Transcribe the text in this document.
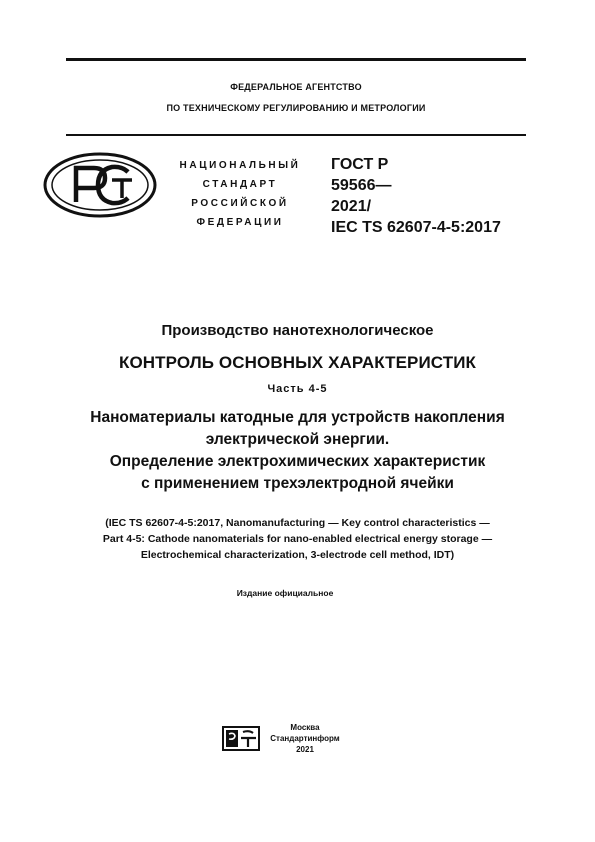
ФЕДЕРАЛЬНОЕ АГЕНТСТВО
ПО ТЕХНИЧЕСКОМУ РЕГУЛИРОВАНИЮ И МЕТРОЛОГИИ
НАЦИОНАЛЬНЫЙ
СТАНДАРТ
РОССИЙСКОЙ
ФЕДЕРАЦИИ
ГОСТ Р
59566—
2021/
IEC TS 62607-4-5:2017
Производство нанотехнологическое
КОНТРОЛЬ ОСНОВНЫХ ХАРАКТЕРИСТИК
Часть 4-5
Наноматериалы катодные для устройств накопления
электрической энергии.
Определение электрохимических характеристик
с применением трехэлектродной ячейки
(IEC TS 62607-4-5:2017, Nanomanufacturing — Key control characteristics —
Part 4-5: Cathode nanomaterials for nano-enabled electrical energy storage —
Electrochemical characterization, 3-electrode cell method, IDT)
Издание официальное
Москва
Стандартинформ
2021
